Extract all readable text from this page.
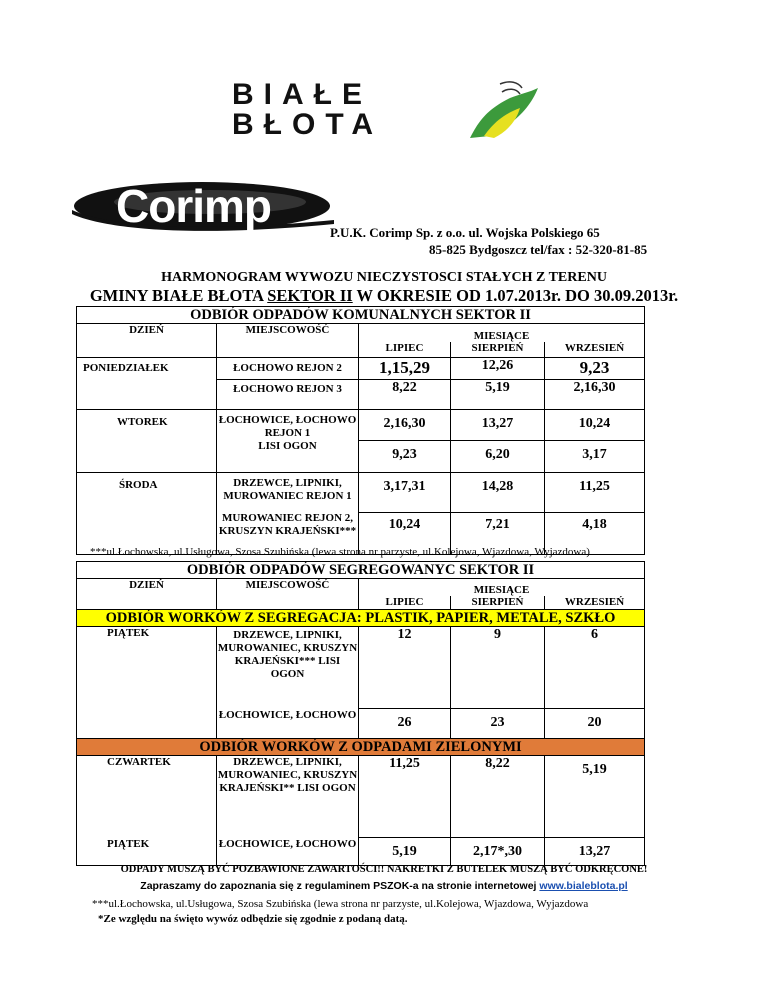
BIAŁE
BŁOTA
Corimp
P.U.K. Corimp Sp. z o.o. ul. Wojska Polskiego 65
85-825 Bydgoszcz tel/fax : 52-320-81-85
HARMONOGRAM WYWOZU NIECZYSTOSCI STAŁYCH Z TERENU
GMINY BIAŁE BŁOTA SEKTOR II W OKRESIE OD 1.07.2013r. DO 30.09.2013r.
ODBIÓR ODPADÓW KOMUNALNYCH SEKTOR II				
DZIEŃ	MIEJSCOWOŚĆ	MIESIĄCE		
		LIPIEC	SIERPIEŃ	WRZESIEŃ
PONIEDZIAŁEK	ŁOCHOWO REJON 2	1,15,29	12,26	9,23
	ŁOCHOWO REJON 3	8,22	5,19	2,16,30
WTOREK	ŁOCHOWICE, ŁOCHOWO REJON 1	2,16,30	13,27	10,24
	LISI OGON	9,23	6,20	3,17
ŚRODA	DRZEWCE, LIPNIKI, MUROWANIEC REJON 1	3,17,31	14,28	11,25
	MUROWANIEC REJON 2, KRUSZYN KRAJEŃSKI***	10,24	7,21	4,18
***ul.Łochowska, ul.Usługowa, Szosa Szubińska (lewa strona nr parzyste, ul.Kolejowa, Wjazdowa, Wyjazdowa)
ODBIÓR ODPADÓW SEGREGOWANYC SEKTOR II				
DZIEŃ	MIEJSCOWOŚĆ	MIESIĄCE		
		LIPIEC	SIERPIEŃ	WRZESIEŃ
ODBIÓR WORKÓW Z SEGREGACJA: PLASTIK, PAPIER, METALE, SZKŁO				
PIĄTEK	DRZEWCE, LIPNIKI, MUROWANIEC, KRUSZYN KRAJEŃSKI*** LISI OGON	12	9	6
	ŁOCHOWICE, ŁOCHOWO	26	23	20
ODBIÓR WORKÓW Z ODPADAMI ZIELONYMI				
CZWARTEK	DRZEWCE, LIPNIKI, MUROWANIEC, KRUSZYN KRAJEŃSKI** LISI OGON	11,25	8,22	5,19
PIĄTEK	ŁOCHOWICE, ŁOCHOWO	5,19	2,17*,30	13,27
ODPADY MUSZĄ BYĆ POZBAWIONE ZAWARTOŚCI!! NAKRETKI Z BUTELEK MUSZĄ BYĆ ODKRĘCONE!
Zapraszamy do zapoznania się z regulaminem PSZOK-a na stronie internetowej www.bialeblota.pl
***ul.Łochowska, ul.Usługowa, Szosa Szubińska (lewa strona nr parzyste, ul.Kolejowa, Wjazdowa, Wyjazdowa
*Ze względu na święto wywóz odbędzie się zgodnie z podaną datą.
